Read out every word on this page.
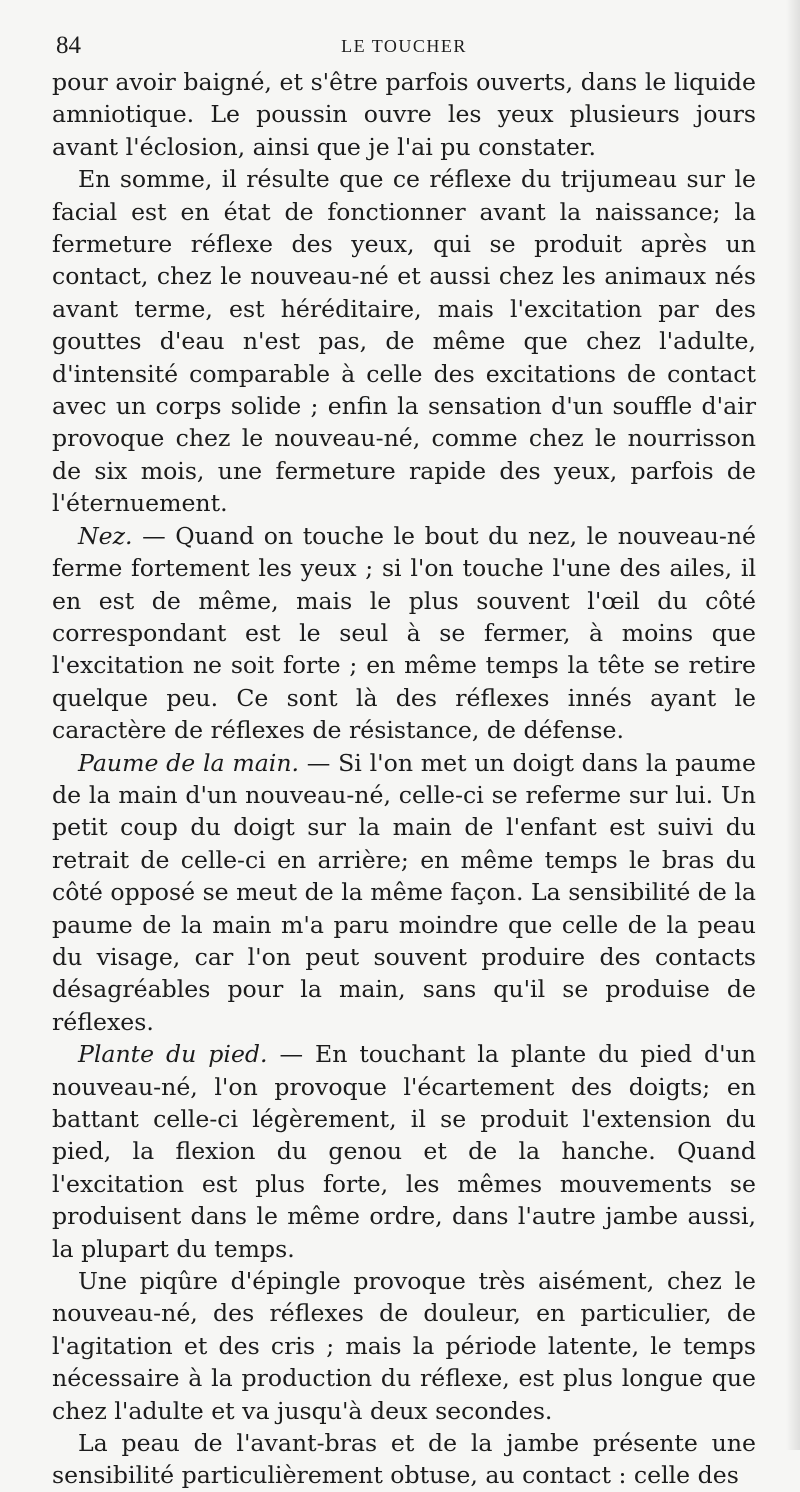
84	LE TOUCHER

pour avoir baigné, et s'être parfois ouverts, dans le liquide amniotique. Le poussin ouvre les yeux plusieurs jours avant l'éclosion, ainsi que je l'ai pu constater.

En somme, il résulte que ce réflexe du trijumeau sur le facial est en état de fonctionner avant la naissance; la fermeture réflexe des yeux, qui se produit après un contact, chez le nouveau-né et aussi chez les animaux nés avant terme, est héréditaire, mais l'excitation par des gouttes d'eau n'est pas, de même que chez l'adulte, d'intensité comparable à celle des excitations de contact avec un corps solide ; enfin la sensation d'un souffle d'air provoque chez le nouveau-né, comme chez le nourrisson de six mois, une fermeture rapide des yeux, parfois de l'éternuement.

Nez. — Quand on touche le bout du nez, le nouveau-né ferme fortement les yeux ; si l'on touche l'une des ailes, il en est de même, mais le plus souvent l'œil du côté correspondant est le seul à se fermer, à moins que l'excitation ne soit forte ; en même temps la tête se retire quelque peu. Ce sont là des réflexes innés ayant le caractère de réflexes de résistance, de défense.

Paume de la main. — Si l'on met un doigt dans la paume de la main d'un nouveau-né, celle-ci se referme sur lui. Un petit coup du doigt sur la main de l'enfant est suivi du retrait de celle-ci en arrière; en même temps le bras du côté opposé se meut de la même façon. La sensibilité de la paume de la main m'a paru moindre que celle de la peau du visage, car l'on peut souvent produire des contacts désagréables pour la main, sans qu'il se produise de réflexes.

Plante du pied. — En touchant la plante du pied d'un nouveau-né, l'on provoque l'écartement des doigts; en battant celle-ci légèrement, il se produit l'extension du pied, la flexion du genou et de la hanche. Quand l'excitation est plus forte, les mêmes mouvements se produisent dans le même ordre, dans l'autre jambe aussi, la plupart du temps.

Une piqûre d'épingle provoque très aisément, chez le nouveau-né, des réflexes de douleur, en particulier, de l'agitation et des cris ; mais la période latente, le temps nécessaire à la production du réflexe, est plus longue que chez l'adulte et va jusqu'à deux secondes.

La peau de l'avant-bras et de la jambe présente une sensibilité particulièrement obtuse, au contact : celle des
